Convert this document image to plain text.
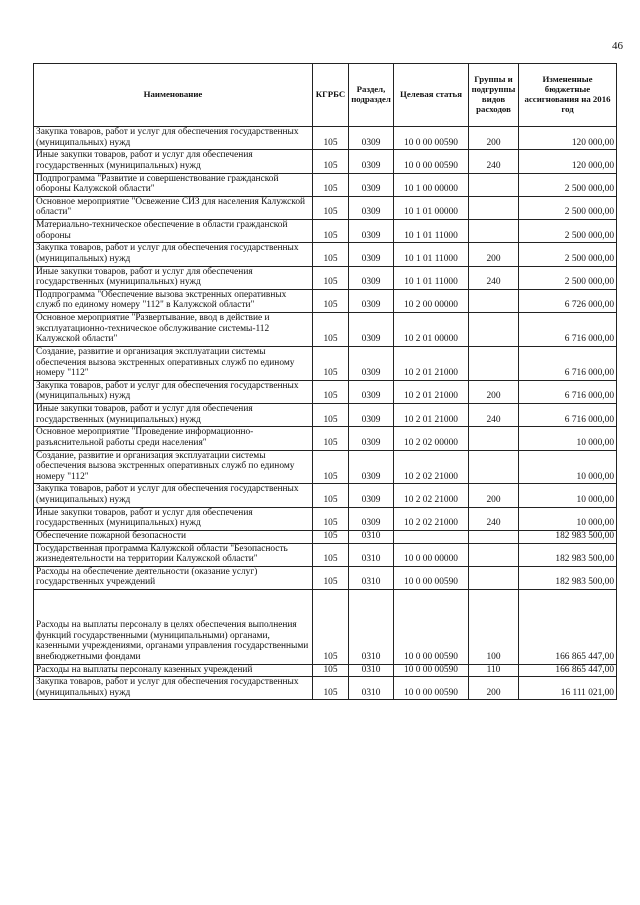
46
Наименование	КГРБС	Раздел, подраздел	Целевая статья	Группы и подгруппы видов расходов	Измененные бюджетные ассигнования на 2016 год
Закупка товаров, работ и услуг для обеспечения государственных (муниципальных) нужд	105	0309	10 0 00 00590	200	120 000,00
Иные закупки товаров, работ и услуг для обеспечения государственных (муниципальных) нужд	105	0309	10 0 00 00590	240	120 000,00
Подпрограмма "Развитие и совершенствование гражданской обороны Калужской области"	105	0309	10 1 00 00000		2 500 000,00
Основное мероприятие "Освежение СИЗ для населения Калужской области"	105	0309	10 1 01 00000		2 500 000,00
Материально-техническое обеспечение в области гражданской обороны	105	0309	10 1 01 11000		2 500 000,00
Закупка товаров, работ и услуг для обеспечения государственных (муниципальных) нужд	105	0309	10 1 01 11000	200	2 500 000,00
Иные закупки товаров, работ и услуг для обеспечения государственных (муниципальных) нужд	105	0309	10 1 01 11000	240	2 500 000,00
Подпрограмма "Обеспечение вызова экстренных оперативных служб по единому номеру "112" в Калужской области"	105	0309	10 2 00 00000		6 726 000,00
Основное мероприятие "Развертывание, ввод в действие и эксплуатационно-техническое обслуживание системы-112 Калужской области"	105	0309	10 2 01 00000		6 716 000,00
Создание, развитие и организация эксплуатации системы обеспечения вызова экстренных оперативных служб по единому номеру "112"	105	0309	10 2 01 21000		6 716 000,00
Закупка товаров, работ и услуг для обеспечения государственных (муниципальных) нужд	105	0309	10 2 01 21000	200	6 716 000,00
Иные закупки товаров, работ и услуг для обеспечения государственных (муниципальных) нужд	105	0309	10 2 01 21000	240	6 716 000,00
Основное мероприятие "Проведение информационно-разъяснительной работы среди населения"	105	0309	10 2 02 00000		10 000,00
Создание, развитие и организация эксплуатации системы обеспечения вызова экстренных оперативных служб по единому номеру "112"	105	0309	10 2 02 21000		10 000,00
Закупка товаров, работ и услуг для обеспечения государственных (муниципальных) нужд	105	0309	10 2 02 21000	200	10 000,00
Иные закупки товаров, работ и услуг для обеспечения государственных (муниципальных) нужд	105	0309	10 2 02 21000	240	10 000,00
Обеспечение пожарной безопасности	105	0310			182 983 500,00
Государственная программа Калужской области "Безопасность жизнедеятельности на территории Калужской области"	105	0310	10 0 00 00000		182 983 500,00
Расходы на обеспечение деятельности (оказание услуг) государственных учреждений	105	0310	10 0 00 00590		182 983 500,00
Расходы на выплаты персоналу в целях обеспечения выполнения функций государственными (муниципальными) органами, казенными учреждениями, органами управления государственными внебюджетными фондами	105	0310	10 0 00 00590	100	166 865 447,00
Расходы на выплаты персоналу казенных учреждений	105	0310	10 0 00 00590	110	166 865 447,00
Закупка товаров, работ и услуг для обеспечения государственных (муниципальных) нужд	105	0310	10 0 00 00590	200	16 111 021,00
